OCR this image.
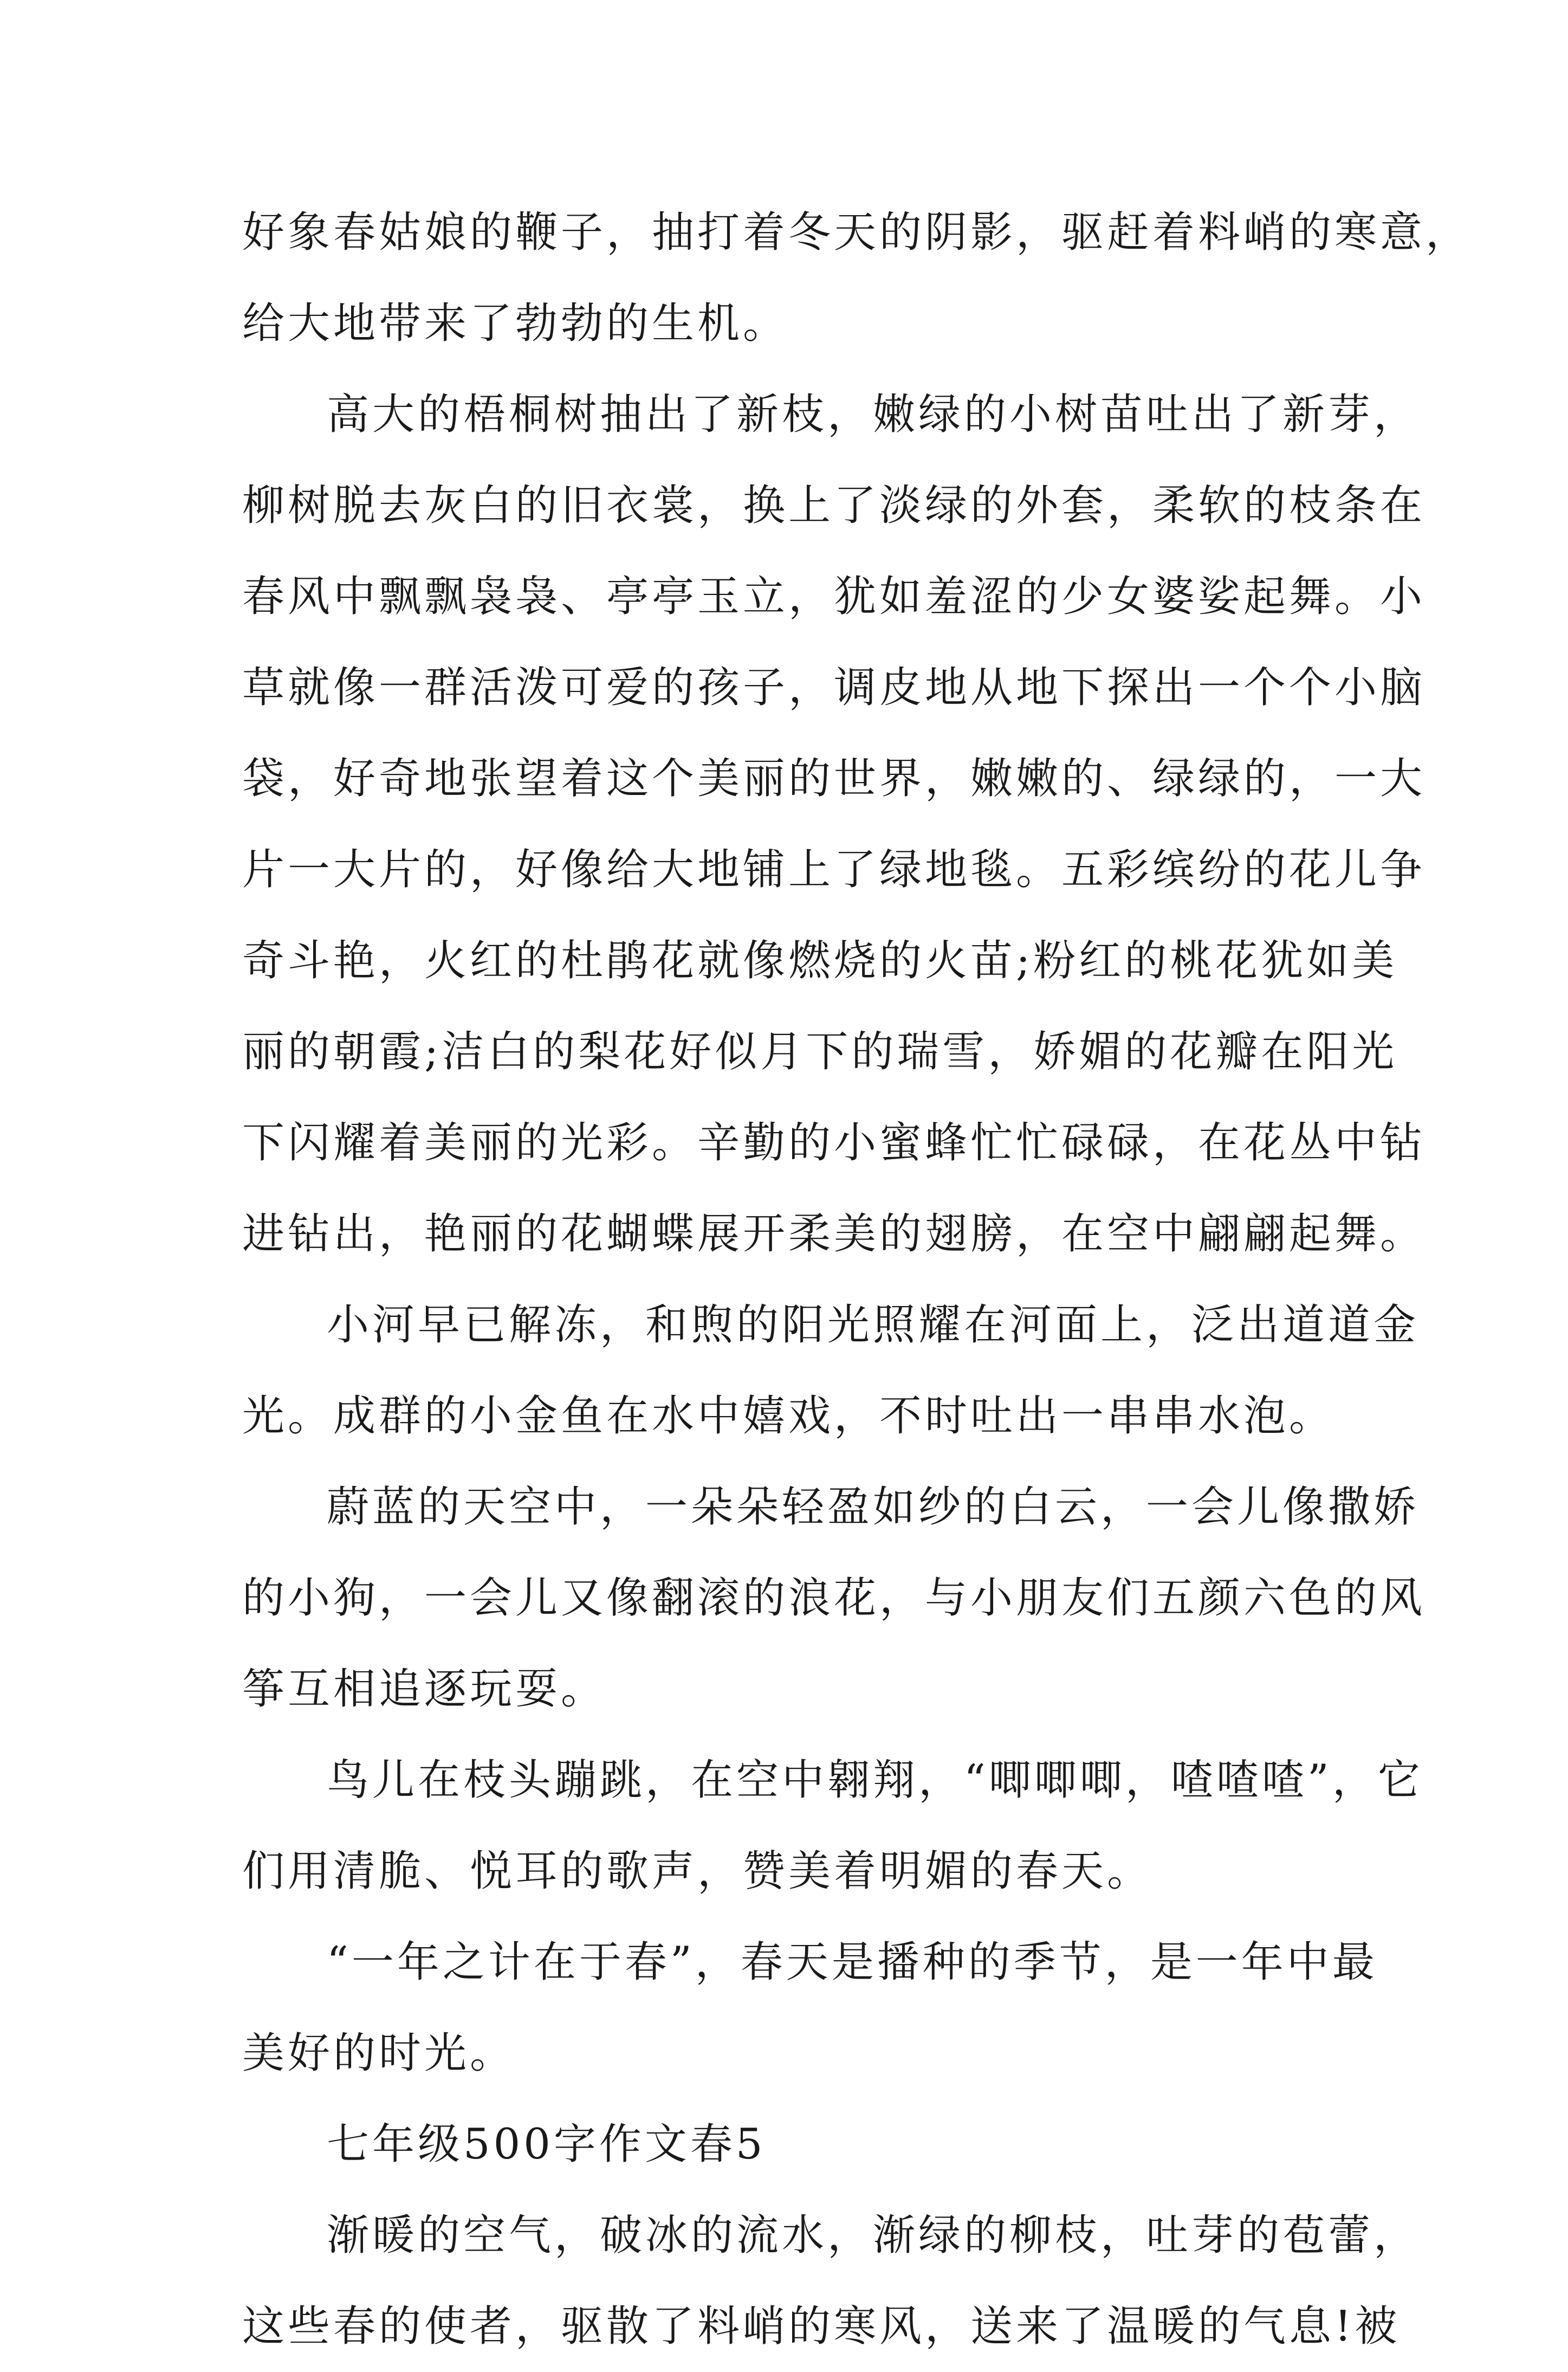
好象春姑娘的鞭子，抽打着冬天的阴影，驱赶着料峭的寒意，
给大地带来了勃勃的生机。
高大的梧桐树抽出了新枝，嫩绿的小树苗吐出了新芽，
柳树脱去灰白的旧衣裳，换上了淡绿的外套，柔软的枝条在
春风中飘飘袅袅、亭亭玉立，犹如羞涩的少女婆娑起舞。小
草就像一群活泼可爱的孩子，调皮地从地下探出一个个小脑
袋，好奇地张望着这个美丽的世界，嫩嫩的、绿绿的，一大
片一大片的，好像给大地铺上了绿地毯。五彩缤纷的花儿争
奇斗艳，火红的杜鹃花就像燃烧的火苗;粉红的桃花犹如美
丽的朝霞;洁白的梨花好似月下的瑞雪，娇媚的花瓣在阳光
下闪耀着美丽的光彩。辛勤的小蜜蜂忙忙碌碌，在花丛中钻
进钻出，艳丽的花蝴蝶展开柔美的翅膀，在空中翩翩起舞。
小河早已解冻，和煦的阳光照耀在河面上，泛出道道金
光。成群的小金鱼在水中嬉戏，不时吐出一串串水泡。
蔚蓝的天空中，一朵朵轻盈如纱的白云，一会儿像撒娇
的小狗，一会儿又像翻滚的浪花，与小朋友们五颜六色的风
筝互相追逐玩耍。
鸟儿在枝头蹦跳，在空中翱翔，“唧唧唧，喳喳喳”，它
们用清脆、悦耳的歌声，赞美着明媚的春天。
“一年之计在于春”，春天是播种的季节，是一年中最
美好的时光。
七年级500字作文春5
渐暖的空气，破冰的流水，渐绿的柳枝，吐芽的苞蕾，
这些春的使者，驱散了料峭的寒风，送来了温暖的气息!被
